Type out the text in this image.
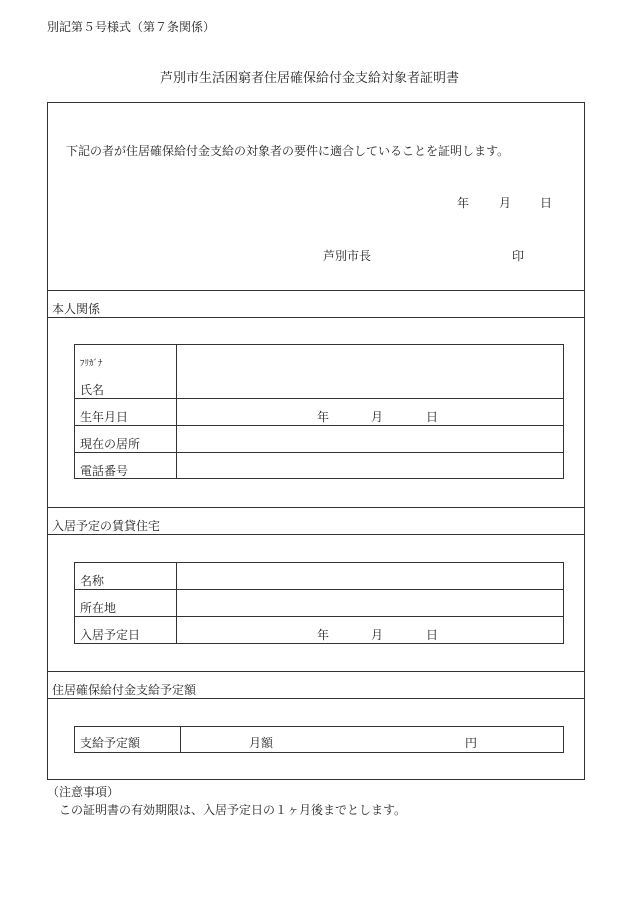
別記第５号様式（第７条関係）
芦別市生活困窮者住居確保給付金支給対象者証明書
下記の者が住居確保給付金支給の対象者の要件に適合していることを証明します。
年 月 日
芦別市長	印
本人関係
ﾌﾘｶﾞﾅ
氏名
生年月日	年	月	日
現在の居所
電話番号
入居予定の賃貸住宅
名称
所在地
入居予定日	年	月	日
住居確保給付金支給予定額
支給予定額	月額	円
（注意事項）
この証明書の有効期限は、入居予定日の１ヶ月後までとします。
